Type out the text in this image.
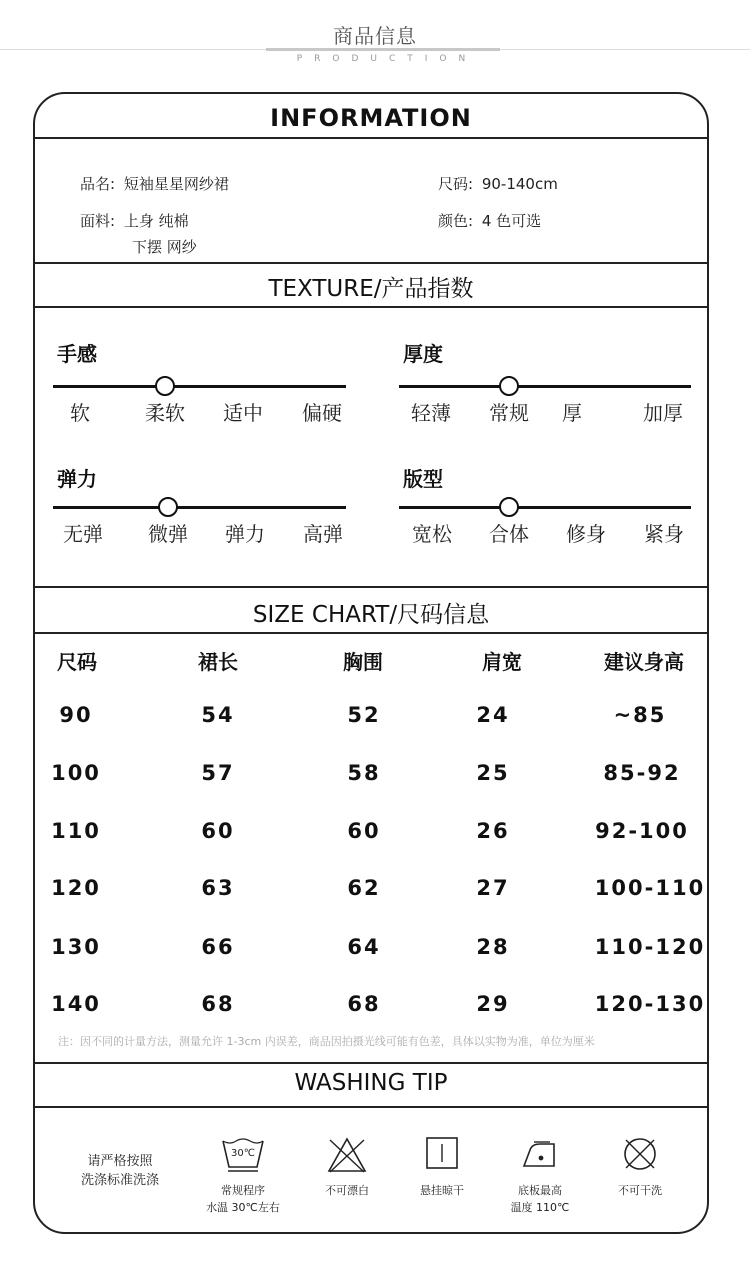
商品信息
PRODUCTION
INFORMATION
品名: 短袖星星网纱裙	尺码: 90-140cm
面料: 上身 纯棉
下摆 网纱
颜色: 4 色可选
TEXTURE/产品指数
手感
软	柔软	适中	偏硬
厚度
轻薄	常规	厚	加厚
弹力
无弹	微弹	弹力	高弹
版型
宽松	合体	修身	紧身
SIZE CHART/尺码信息
尺码	裙长	胸围	肩宽	建议身高
90	54	52	24	~85
100	57	58	25	85-92
110	60	60	26	92-100
120	63	62	27	100-110
130	66	64	28	110-120
140	68	68	29	120-130
注：因不同的计量方法，测量允许 1-3cm 内误差，商品因拍摄光线可能有色差，具体以实物为准，单位为厘米
WASHING TIP
请严格按照
洗涤标准洗涤
30℃
常规程序
水温 30℃左右
不可漂白	悬挂晾干	底板最高
温度 110℃
不可干洗
